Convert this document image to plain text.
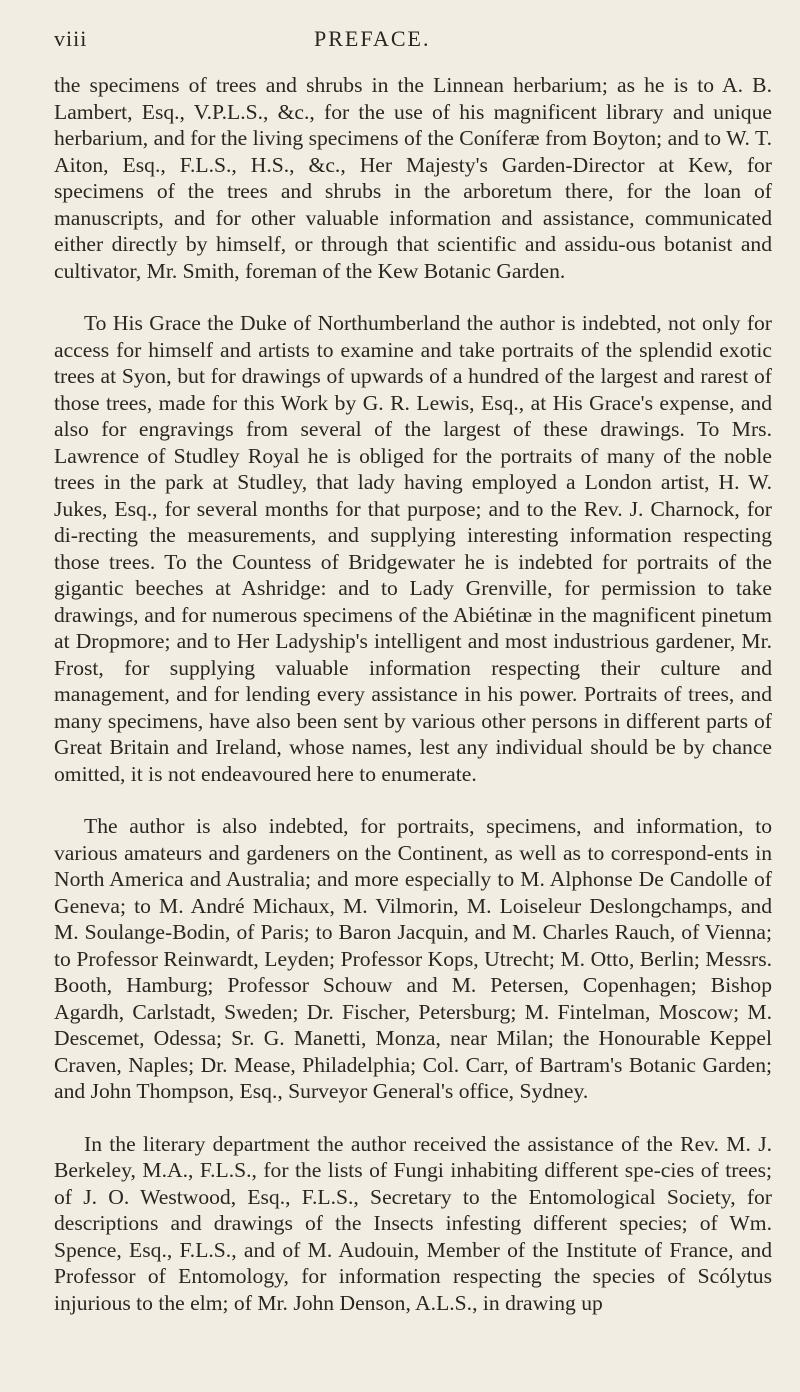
viii	PREFACE.

the specimens of trees and shrubs in the Linnean herbarium; as he is to A. B. Lambert, Esq., V.P.L.S., &c., for the use of his magnificent library and unique herbarium, and for the living specimens of the Coníferæ from Boyton; and to W. T. Aiton, Esq., F.L.S., H.S., &c., Her Majesty's Garden-Director at Kew, for specimens of the trees and shrubs in the arboretum there, for the loan of manuscripts, and for other valuable information and assistance, communicated either directly by himself, or through that scientific and assidu-ous botanist and cultivator, Mr. Smith, foreman of the Kew Botanic Garden.

To His Grace the Duke of Northumberland the author is indebted, not only for access for himself and artists to examine and take portraits of the splendid exotic trees at Syon, but for drawings of upwards of a hundred of the largest and rarest of those trees, made for this Work by G. R. Lewis, Esq., at His Grace's expense, and also for engravings from several of the largest of these drawings. To Mrs. Lawrence of Studley Royal he is obliged for the portraits of many of the noble trees in the park at Studley, that lady having employed a London artist, H. W. Jukes, Esq., for several months for that purpose; and to the Rev. J. Charnock, for di-recting the measurements, and supplying interesting information respecting those trees. To the Countess of Bridgewater he is indebted for portraits of the gigantic beeches at Ashridge: and to Lady Grenville, for permission to take drawings, and for numerous specimens of the Abiétinæ in the magnificent pinetum at Dropmore; and to Her Ladyship's intelligent and most industrious gardener, Mr. Frost, for supplying valuable information respecting their culture and management, and for lending every assistance in his power. Portraits of trees, and many specimens, have also been sent by various other persons in different parts of Great Britain and Ireland, whose names, lest any individual should be by chance omitted, it is not endeavoured here to enumerate.

The author is also indebted, for portraits, specimens, and information, to various amateurs and gardeners on the Continent, as well as to correspond-ents in North America and Australia; and more especially to M. Alphonse De Candolle of Geneva; to M. André Michaux, M. Vilmorin, M. Loiseleur Deslongchamps, and M. Soulange-Bodin, of Paris; to Baron Jacquin, and M. Charles Rauch, of Vienna; to Professor Reinwardt, Leyden; Professor Kops, Utrecht; M. Otto, Berlin; Messrs. Booth, Hamburg; Professor Schouw and M. Petersen, Copenhagen; Bishop Agardh, Carlstadt, Sweden; Dr. Fischer, Petersburg; M. Fintelman, Moscow; M. Descemet, Odessa; Sr. G. Manetti, Monza, near Milan; the Honourable Keppel Craven, Naples; Dr. Mease, Philadelphia; Col. Carr, of Bartram's Botanic Garden; and John Thompson, Esq., Surveyor General's office, Sydney.

In the literary department the author received the assistance of the Rev. M. J. Berkeley, M.A., F.L.S., for the lists of Fungi inhabiting different spe-cies of trees; of J. O. Westwood, Esq., F.L.S., Secretary to the Entomological Society, for descriptions and drawings of the Insects infesting different species; of Wm. Spence, Esq., F.L.S., and of M. Audouin, Member of the Institute of France, and Professor of Entomology, for information respecting the species of Scólytus injurious to the elm; of Mr. John Denson, A.L.S., in drawing up
